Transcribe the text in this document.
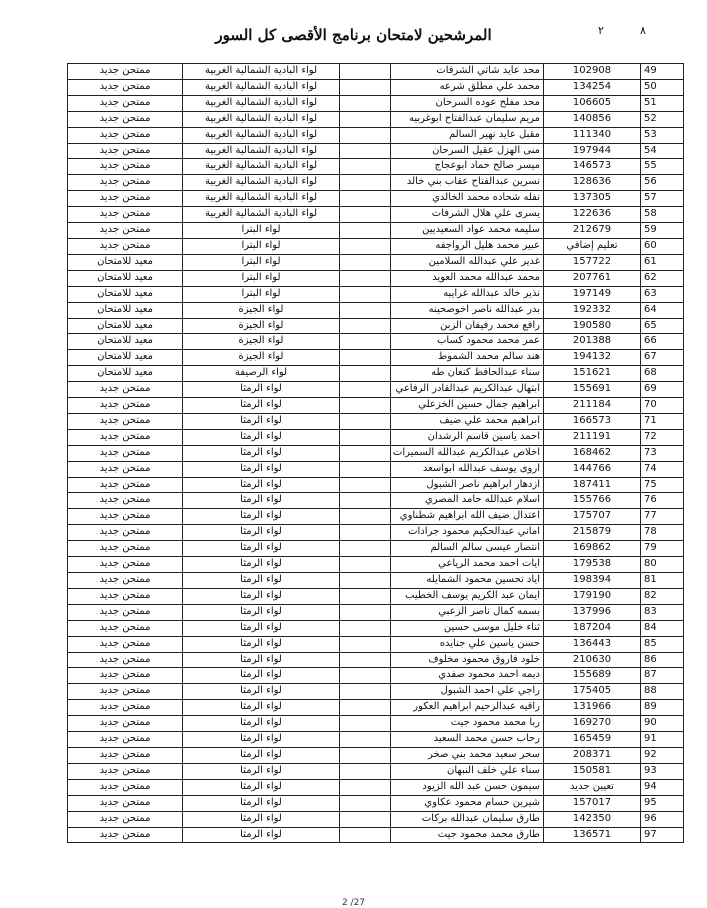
المرشحين لامتحان برنامج الأقصى كل السور	٨
٢
49	102908	محد عايد شاتي الشرفات		لواء البادية الشمالية الغربية	ممتحن جديد
50	134254	محمد علي مطلق شرعه		لواء البادية الشمالية الغربية	ممتحن جديد
51	106605	محد مفلح عوده السرحان		لواء البادية الشمالية الغربية	ممتحن جديد
52	140856	مريم سليمان عبدالفتاح ابوغربيه		لواء البادية الشمالية الغربية	ممتحن جديد
53	111340	مقبل عايد نهير السالم		لواء البادية الشمالية الغربية	ممتحن جديد
54	197944	منى الهزل عقيل السرحان		لواء البادية الشمالية الغربية	ممتحن جديد
55	146573	ميسر صالح حماد ابوعجاج		لواء البادية الشمالية الغربية	ممتحن جديد
56	128636	نسرين عبدالفتاح عقاب بني خالد		لواء البادية الشمالية الغربية	ممتحن جديد
57	137305	نفله شحاده محمد الخالدي		لواء البادية الشمالية الغربية	ممتحن جديد
58	122636	يسرى علي هلال الشرفات		لواء البادية الشمالية الغربية	ممتحن جديد
59	212679	سليمه محمد عواد السعيديين		لواء البترا	ممتحن جديد
60	تعليم إضافي	عبير محمد هليل الرواجفه		لواء البترا	ممتحن جديد
61	157722	غدير علي عبدالله السلامين		لواء البترا	معيد للامتحان
62	207761	محمد عبدالله محمد العويد		لواء البترا	معيد للامتحان
63	197149	نذير خالد عبدالله غرايبه		لواء البترا	معيد للامتحان
64	192332	بدر عبدالله ناصر اخوصحينه		لواء الجيزة	معيد للامتحان
65	190580	رافع محمد رفيفان الزبن		لواء الجيزة	معيد للامتحان
66	201388	عمر محمد محمود كساب		لواء الجيزة	معيد للامتحان
67	194132	هند سالم محمد الشموط		لواء الجيزة	معيد للامتحان
68	151621	سناء عبدالحافظ كنعان طه		لواء الرصيفة	معيد للامتحان
69	155691	ابتهال عبدالكريم عبدالقادر الرفاعي		لواء الرمثا	ممتحن جديد
70	211184	ابراهيم جمال حسين الخزعلي		لواء الرمثا	ممتحن جديد
71	166573	ابراهيم محمد علي ضيف		لواء الرمثا	ممتحن جديد
72	211191	احمد ياسين قاسم الرشدان		لواء الرمثا	ممتحن جديد
73	168462	اخلاص عبدالكريم عبدالله السميرات		لواء الرمثا	ممتحن جديد
74	144766	اروى يوسف عبدالله ابواسعد		لواء الرمثا	ممتحن جديد
75	187411	ازدهار ابراهيم ناصر الشبول		لواء الرمثا	ممتحن جديد
76	155766	اسلام عبدالله حامد المصري		لواء الرمثا	ممتحن جديد
77	175707	اعتدال ضيف الله ابراهيم شطناوي		لواء الرمثا	ممتحن جديد
78	215879	اماني عبدالحكيم محمود جرادات		لواء الرمثا	ممتحن جديد
79	169862	انتصار عيسى سالم السالم		لواء الرمثا	ممتحن جديد
80	179538	ايات احمد محمد الرياعي		لواء الرمثا	ممتحن جديد
81	198394	اياد تحسين محمود الشمايله		لواء الرمثا	ممتحن جديد
82	179190	ايمان عبد الكريم يوسف الخطيب		لواء الرمثا	ممتحن جديد
83	137996	بسمه كمال ناصر الزعبي		لواء الرمثا	ممتحن جديد
84	187204	ثناء خليل موسى حسين		لواء الرمثا	ممتحن جديد
85	136443	حسن ياسين علي جنايده		لواء الرمثا	ممتحن جديد
86	210630	خلود فاروق محمود مخلوف		لواء الرمثا	ممتحن جديد
87	155689	ديمه احمد محمود صفدي		لواء الرمثا	ممتحن جديد
88	175405	راجي علي احمد الشبول		لواء الرمثا	ممتحن جديد
89	131966	راقيه عبدالرحيم ابراهيم العكور		لواء الرمثا	ممتحن جديد
90	169270	ربا محمد محمود جيت		لواء الرمثا	ممتحن جديد
91	165459	رحاب حسن محمد السعيد		لواء الرمثا	ممتحن جديد
92	208371	سحر سعيد محمد بني صخر		لواء الرمثا	ممتحن جديد
93	150581	سناء علي خلف النبهان		لواء الرمثا	ممتحن جديد
94	تعيين جديد	سيمون حسن عبد الله الزيود		لواء الرمثا	ممتحن جديد
95	157017	شيرين حسام محمود عكاوي		لواء الرمثا	ممتحن جديد
96	142350	طارق سليمان عبدالله بركات		لواء الرمثا	ممتحن جديد
97	136571	طارق محمد محمود جيت		لواء الرمثا	ممتحن جديد
2 /27
